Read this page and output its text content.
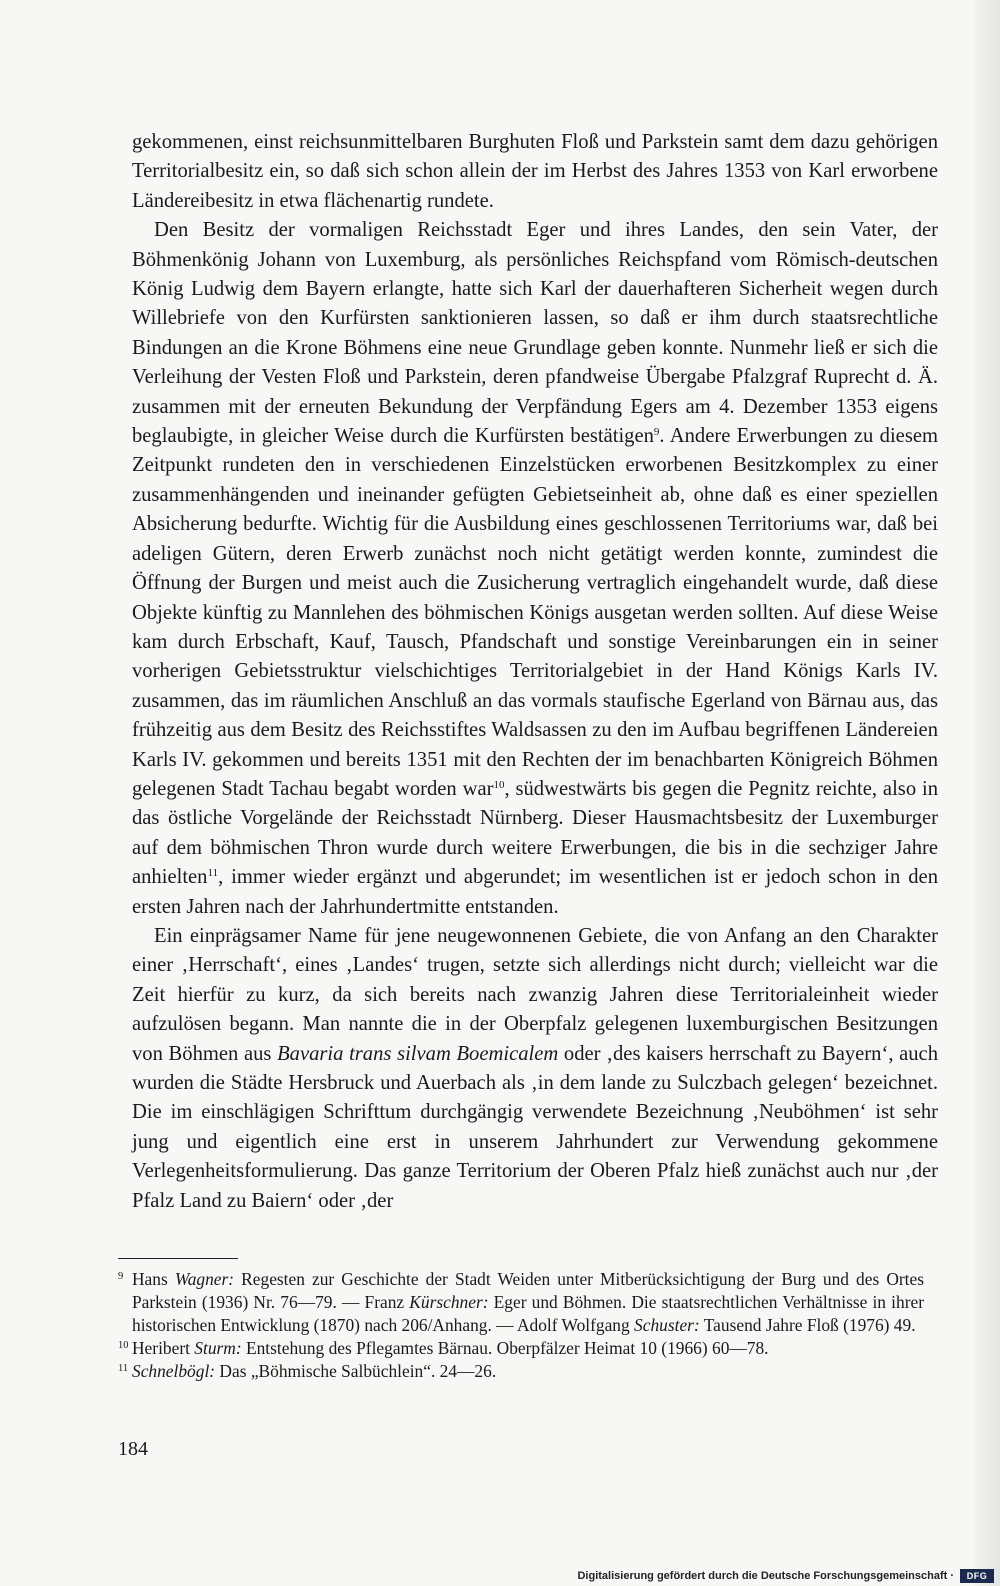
gekommenen, einst reichsunmittelbaren Burghuten Floß und Parkstein samt dem dazu gehörigen Territorialbesitz ein, so daß sich schon allein der im Herbst des Jahres 1353 von Karl erworbene Ländereibesitz in etwa flächenartig rundete.

Den Besitz der vormaligen Reichsstadt Eger und ihres Landes, den sein Vater, der Böhmenkönig Johann von Luxemburg, als persönliches Reichspfand vom Römisch-deutschen König Ludwig dem Bayern erlangte, hatte sich Karl der dauerhafteren Sicherheit wegen durch Willebriefe von den Kurfürsten sanktionieren lassen, so daß er ihm durch staatsrechtliche Bindungen an die Krone Böhmens eine neue Grundlage geben konnte. Nunmehr ließ er sich die Verleihung der Vesten Floß und Parkstein, deren pfandweise Übergabe Pfalzgraf Ruprecht d. Ä. zusammen mit der erneuten Bekundung der Verpfändung Egers am 4. Dezember 1353 eigens beglaubigte, in gleicher Weise durch die Kurfürsten bestätigen$^9$. Andere Erwerbungen zu diesem Zeitpunkt rundeten den in verschiedenen Einzelstücken erworbenen Besitzkomplex zu einer zusammenhängenden und ineinander gefügten Gebietseinheit ab, ohne daß es einer speziellen Absicherung bedurfte. Wichtig für die Ausbildung eines geschlossenen Territoriums war, daß bei adeligen Gütern, deren Erwerb zunächst noch nicht getätigt werden konnte, zumindest die Öffnung der Burgen und meist auch die Zusicherung vertraglich eingehandelt wurde, daß diese Objekte künftig zu Mannlehen des böhmischen Königs ausgetan werden sollten. Auf diese Weise kam durch Erbschaft, Kauf, Tausch, Pfandschaft und sonstige Vereinbarungen ein in seiner vorherigen Gebietsstruktur vielschichtiges Territorialgebiet in der Hand Königs Karls IV. zusammen, das im räumlichen Anschluß an das vormals staufische Egerland von Bärnau aus, das frühzeitig aus dem Besitz des Reichsstiftes Waldsassen zu den im Aufbau begriffenen Ländereien Karls IV. gekommen und bereits 1351 mit den Rechten der im benachbarten Königreich Böhmen gelegenen Stadt Tachau begabt worden war$^{10}$, südwestwärts bis gegen die Pegnitz reichte, also in das östliche Vorgelände der Reichsstadt Nürnberg. Dieser Hausmachtsbesitz der Luxemburger auf dem böhmischen Thron wurde durch weitere Erwerbungen, die bis in die sechziger Jahre anhielten$^{11}$, immer wieder ergänzt und abgerundet; im wesentlichen ist er jedoch schon in den ersten Jahren nach der Jahrhundertmitte entstanden.

Ein einprägsamer Name für jene neugewonnenen Gebiete, die von Anfang an den Charakter einer ‚Herrschaft‘, eines ‚Landes‘ trugen, setzte sich allerdings nicht durch; vielleicht war die Zeit hierfür zu kurz, da sich bereits nach zwanzig Jahren diese Territorialeinheit wieder aufzulösen begann. Man nannte die in der Oberpfalz gelegenen luxemburgischen Besitzungen von Böhmen aus Bavaria trans silvam Boemicalem oder ‚des kaisers herrschaft zu Bayern‘, auch wurden die Städte Hersbruck und Auerbach als ‚in dem lande zu Sulczbach gelegen‘ bezeichnet. Die im einschlägigen Schrifttum durchgängig verwendete Bezeichnung ‚Neuböhmen‘ ist sehr jung und eigentlich eine erst in unserem Jahrhundert zur Verwendung gekommene Verlegenheitsformulierung. Das ganze Territorium der Oberen Pfalz hieß zunächst auch nur ‚der Pfalz Land zu Baiern‘ oder ‚der

9 Hans Wagner: Regesten zur Geschichte der Stadt Weiden unter Mitberücksichtigung der Burg und des Ortes Parkstein (1936) Nr. 76—79. — Franz Kürschner: Eger und Böhmen. Die staatsrechtlichen Verhältnisse in ihrer historischen Entwicklung (1870) nach 206/Anhang. — Adolf Wolfgang Schuster: Tausend Jahre Floß (1976) 49.

10 Heribert Sturm: Entstehung des Pflegamtes Bärnau. Oberpfälzer Heimat 10 (1966) 60—78.

11 Schnelbögl: Das „Böhmische Salbüchlein“. 24—26.

184
Digitalisierung gefördert durch die Deutsche Forschungsgemeinschaft ·	DFG
